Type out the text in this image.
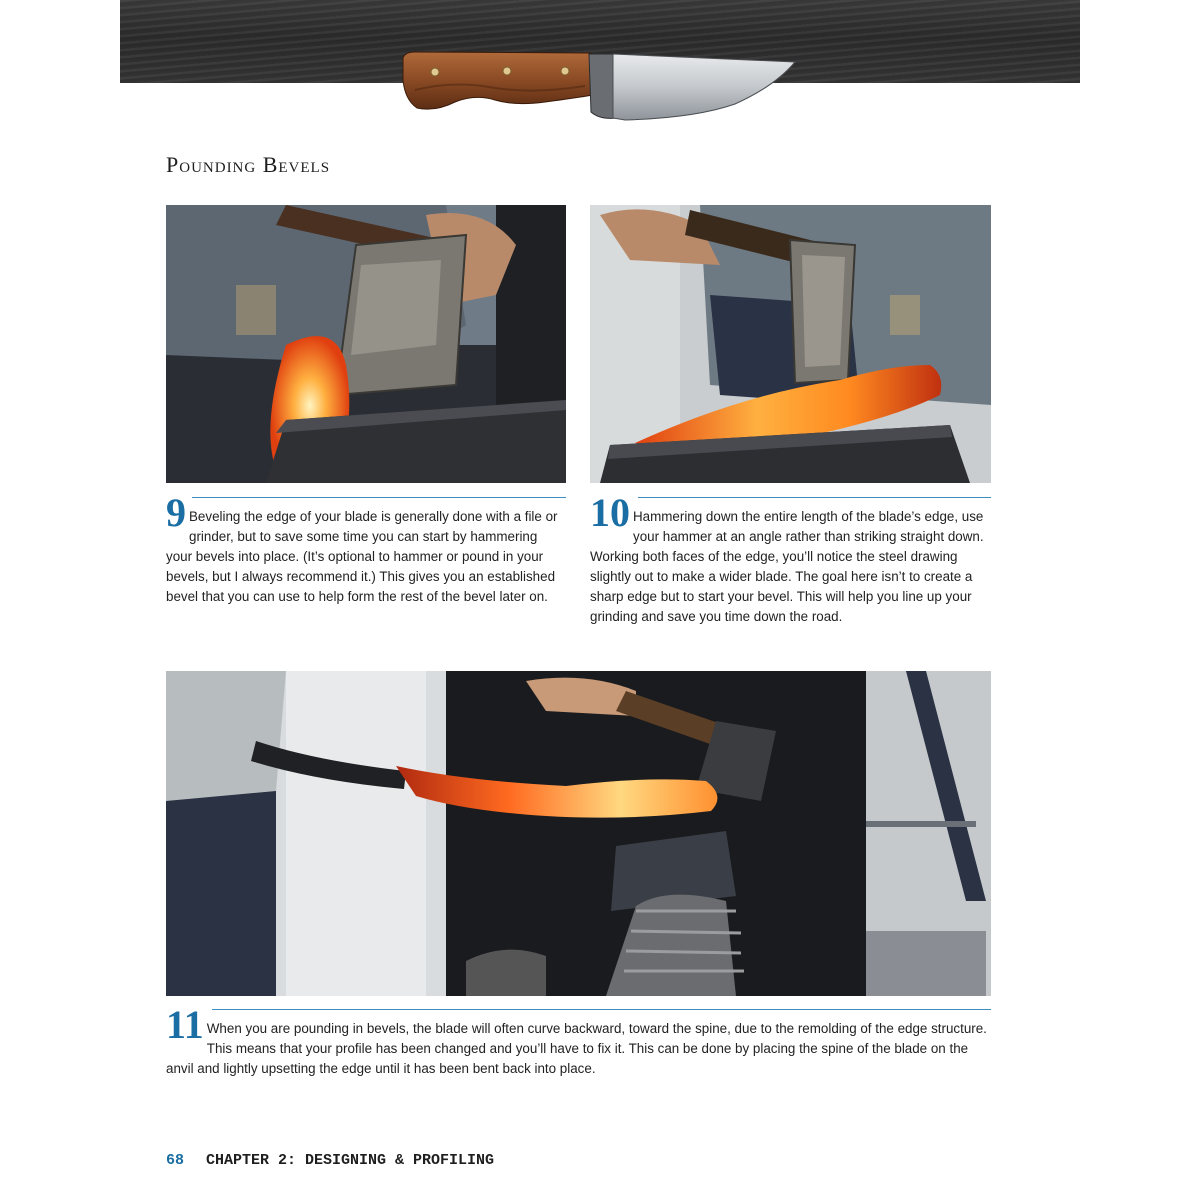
Pounding Bevels
9 Beveling the edge of your blade is generally done with a file or grinder, but to save some time you can start by hammering your bevels into place. (It’s optional to hammer or pound in your bevels, but I always recommend it.) This gives you an established bevel that you can use to help form the rest of the bevel later on.

10 Hammering down the entire length of the blade’s edge, use your hammer at an angle rather than striking straight down. Working both faces of the edge, you’ll notice the steel drawing slightly out to make a wider blade. The goal here isn’t to create a sharp edge but to start your bevel. This will help you line up your grinding and save you time down the road.

11 When you are pounding in bevels, the blade will often curve backward, toward the spine, due to the remolding of the edge structure. This means that your profile has been changed and you’ll have to fix it. This can be done by placing the spine of the blade on the anvil and lightly upsetting the edge until it has been bent back into place.

68 CHAPTER 2: DESIGNING & PROFILING
